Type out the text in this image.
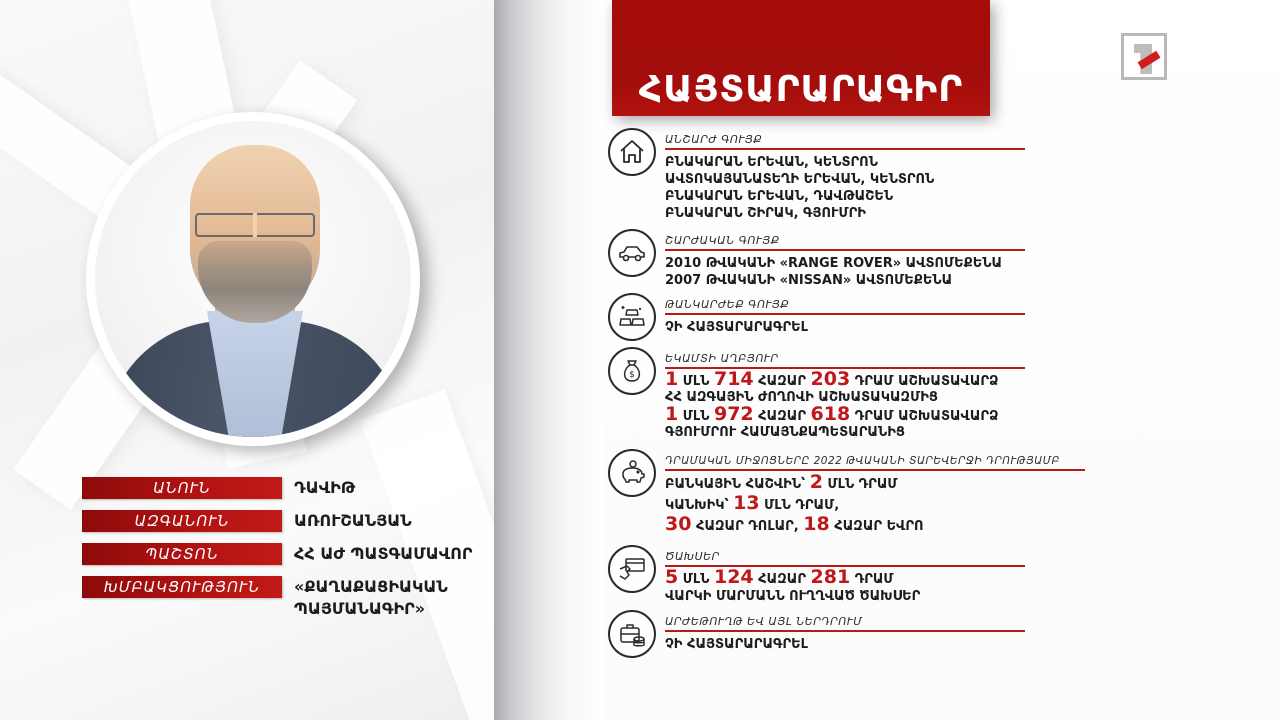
ԱՆՈՒՆ	ԴԱՎԻԹ
ԱԶԳԱՆՈՒՆ	ԱՌՈՒՇԱՆՅԱՆ
ՊԱՇՏՈՆ	ՀՀ ԱԺ ՊԱՏԳԱՄԱՎՈՐ
ԽՄԲԱԿՑՈՒԹՅՈՒՆ	«ՔԱՂԱՔԱՑԻԱԿԱՆ
ՊԱՅՄԱՆԱԳԻՐ»
ՀԱՅՏԱՐԱՐԱԳԻՐ
ԱՆՇԱՐԺ ԳՈՒՅՔ
ԲՆԱԿԱՐԱՆ ԵՐԵՎԱՆ, ԿԵՆՏՐՈՆ
ԱՎՏՈԿԱՅԱՆԱՏԵՂԻ ԵՐԵՎԱՆ, ԿԵՆՏՐՈՆ
ԲՆԱԿԱՐԱՆ ԵՐԵՎԱՆ, ԴԱՎԹԱՇԵՆ
ԲՆԱԿԱՐԱՆ ՇԻՐԱԿ, ԳՅՈՒՄՐԻ
ՇԱՐԺԱԿԱՆ ԳՈՒՅՔ
2010 ԹՎԱԿԱՆԻ «RANGE ROVER» ԱՎՏՈՄԵՔԵՆԱ
2007 ԹՎԱԿԱՆԻ «NISSAN» ԱՎՏՈՄԵՔԵՆԱ
ԹԱՆԿԱՐԺԵՔ ԳՈՒՅՔ
ՉԻ ՀԱՅՏԱՐԱՐԱԳՐԵԼ
$
ԵԿԱՄՏԻ ԱՂԲՅՈՒՐ
1 ՄԼՆ 714 ՀԱԶԱՐ 203 ԴՐԱՄ ԱՇԽԱՏԱՎԱՐՁ
ՀՀ ԱԶԳԱՅԻՆ ԺՈՂՈՎԻ ԱՇԽԱՏԱԿԱԶՄԻՑ
1 ՄԼՆ 972 ՀԱԶԱՐ 618 ԴՐԱՄ ԱՇԽԱՏԱՎԱՐՁ
ԳՅՈՒՄՐՈՒ ՀԱՄԱՅՆՔԱՊԵՏԱՐԱՆԻՑ
ԴՐԱՄԱԿԱՆ ՄԻՋՈՑՆԵՐԸ 2022 ԹՎԱԿԱՆԻ ՏԱՐԵՎԵՐՋԻ ԴՐՈՒԹՅԱՄԲ
ԲԱՆԿԱՅԻՆ ՀԱՇՎԻՆ՝ 2 ՄԼՆ ԴՐԱՄ
ԿԱՆԽԻԿ՝ 13 ՄԼՆ ԴՐԱՄ,
30 ՀԱԶԱՐ ԴՈԼԱՐ, 18 ՀԱԶԱՐ ԵՎՐՈ
ԾԱԽՍԵՐ
5 ՄԼՆ 124 ՀԱԶԱՐ 281 ԴՐԱՄ
ՎԱՐԿԻ ՄԱՐՄԱՆՆ ՈՒՂՂՎԱԾ ԾԱԽՍԵՐ
ԱՐԺԵԹՈՒՂԹ ԵՎ ԱՅԼ ՆԵՐԴՐՈՒՄ
ՉԻ ՀԱՅՏԱՐԱՐԱԳՐԵԼ
